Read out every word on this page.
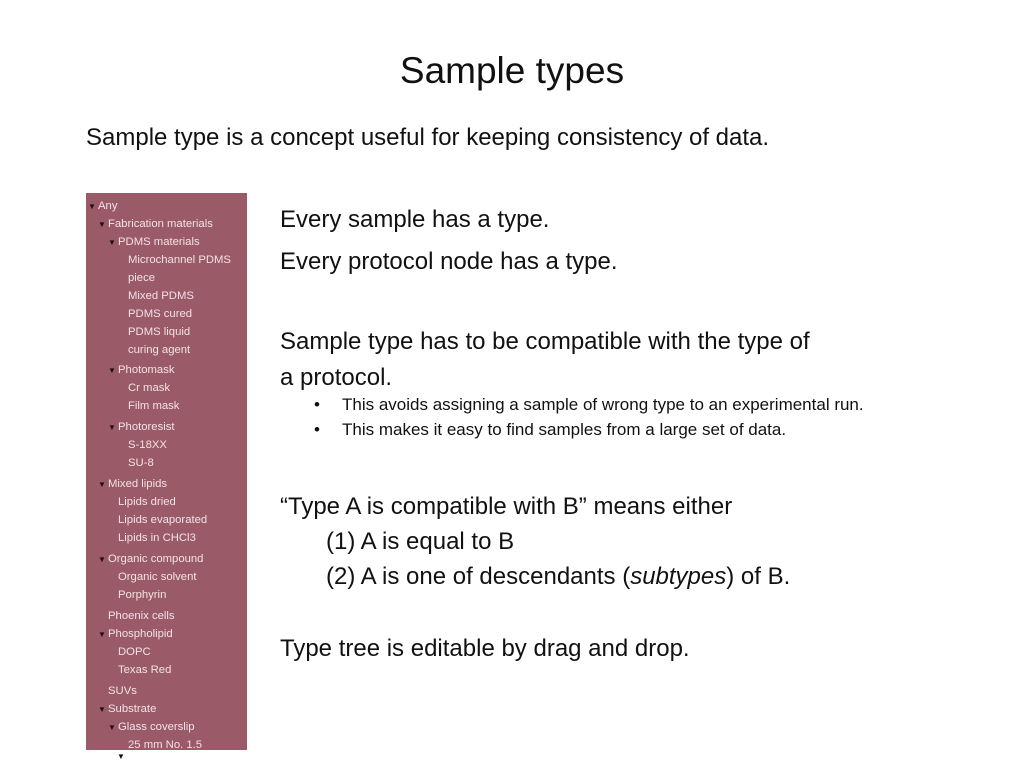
Sample types

Sample type is a concept useful for keeping consistency of data.

▼ Any
▼ Fabrication materials
▼ PDMS materials
Microchannel PDMS
piece
Mixed PDMS
PDMS cured
PDMS liquid
curing agent
▼ Photomask
Cr mask
Film mask
▼ Photoresist
S-18XX
SU-8
▼ Mixed lipids
Lipids dried
Lipids evaporated
Lipids in CHCl3
▼ Organic compound
Organic solvent
Porphyrin
Phoenix cells
▼ Phospholipid
DOPC
Texas Red
SUVs
▼ Substrate
▼ Glass coverslip
25 mm No. 1.5
▼

Every sample has a type.

Every protocol node has a type.

Sample type has to be compatible with the type of

a protocol.

• This avoids assigning a sample of wrong type to an experimental run.
• This makes it easy to find samples from a large set of data.

“Type A is compatible with B” means either

(1) A is equal to B

(2) A is one of descendants (subtypes) of B.

Type tree is editable by drag and drop.
